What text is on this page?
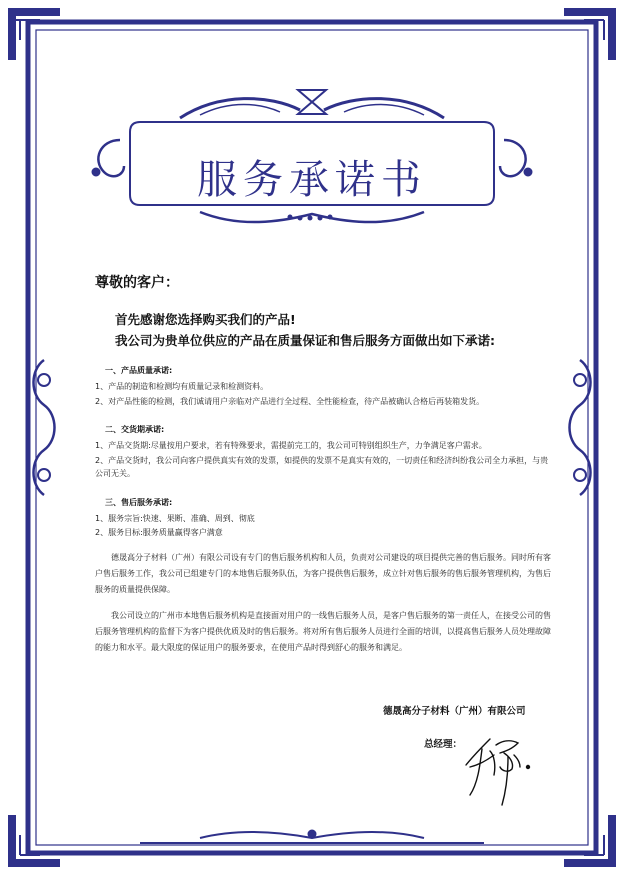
服务承诺书

尊敬的客户：

首先感谢您选择购买我们的产品!

我公司为贵单位供应的产品在质量保证和售后服务方面做出如下承诺:

一、产品质量承诺:

1、产品的制造和检测均有质量记录和检测资料。

2、对产品性能的检测，我们诚请用户亲临对产品进行全过程、全性能检查，待产品被确认合格后再装箱发货。

二、交货期承诺:

1、产品交货期:尽量按用户要求，若有特殊要求，需提前完工的，我公司可特别组织生产，力争满足客户需求。

2、产品交货时，我公司向客户提供真实有效的发票，如提供的发票不是真实有效的，一切责任和经济纠纷我公司全力承担，与贵公司无关。

三、售后服务承诺:

1、服务宗旨:快速、果断、准确、周到、彻底

2、服务目标:服务质量赢得客户满意

德晟高分子材料（广州）有限公司设有专门的售后服务机构和人员，负责对公司建设的项目提供完善的售后服务。同时所有客户售后服务工作，我公司已组建专门的本地售后服务队伍，为客户提供售后服务，成立针对售后服务的售后服务管理机构，为售后服务的质量提供保障。

我公司设立的广州市本地售后服务机构是直接面对用户的一线售后服务人员，是客户售后服务的第一责任人，在接受公司的售后服务管理机构的监督下为客户提供优质及时的售后服务。将对所有售后服务人员进行全面的培训，以提高售后服务人员处理故障的能力和水平。最大限度的保证用户的服务要求，在使用产品时得到舒心的服务和满足。

德晟高分子材料（广州）有限公司
总经理：
